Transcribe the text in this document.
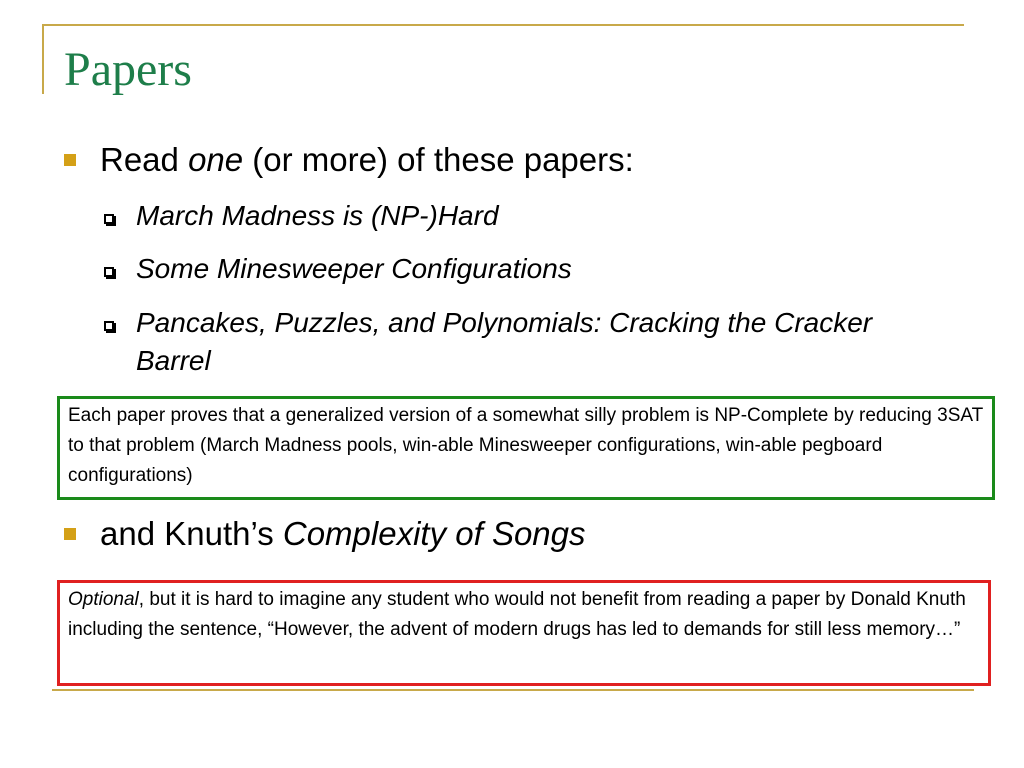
Papers
Read one (or more) of these papers:
March Madness is (NP-)Hard
Some Minesweeper Configurations
Pancakes, Puzzles, and Polynomials: Cracking the Cracker Barrel
Each paper proves that a generalized version of a somewhat silly problem is NP-Complete by reducing 3SAT to that problem (March Madness pools, win-able Minesweeper configurations, win-able pegboard configurations)
and Knuth’s Complexity of Songs
Optional, but it is hard to imagine any student who would not benefit from reading a paper by Donald Knuth including the sentence, “However, the advent of modern drugs has led to demands for still less memory…”
